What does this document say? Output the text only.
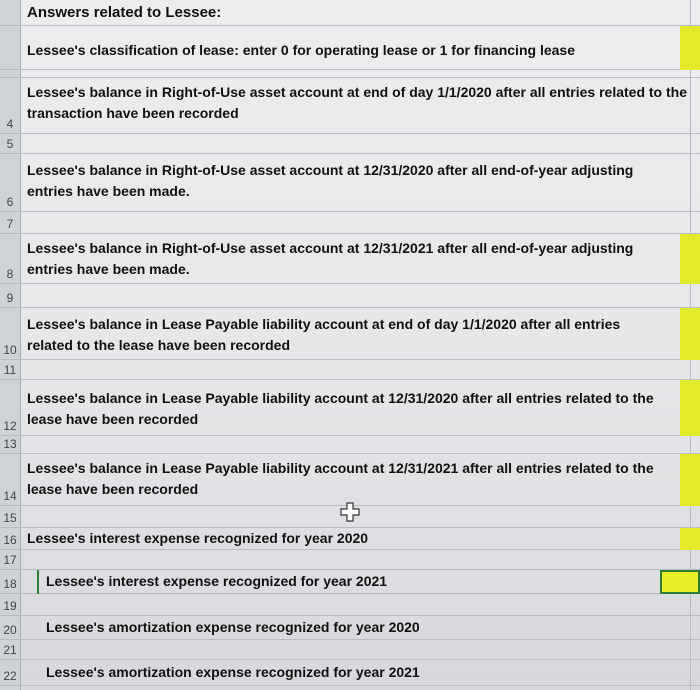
Answers related to Lessee:
Lessee's classification of lease: enter 0 for operating lease or 1 for financing lease
4
Lessee's balance in Right-of-Use asset account at end of day 1/1/2020 after all entries related to the transaction have been recorded
5
6
Lessee's balance in Right-of-Use asset account at 12/31/2020 after all end-of-year adjusting entries have been made.
7
8
Lessee's balance in Right-of-Use asset account at 12/31/2021 after all end-of-year adjusting entries have been made.
9
10
Lessee's balance in Lease Payable liability account at end of day 1/1/2020 after all entries related to the lease have been recorded
11
12
Lessee's balance in Lease Payable liability account at 12/31/2020 after all entries related to the lease have been recorded
13
14
Lessee's balance in Lease Payable liability account at 12/31/2021 after all entries related to the lease have been recorded
15
16 Lessee's interest expense recognized for year 2020
17
18 Lessee's interest expense recognized for year 2021
19
20 Lessee's amortization expense recognized for year 2020
21
22 Lessee's amortization expense recognized for year 2021
